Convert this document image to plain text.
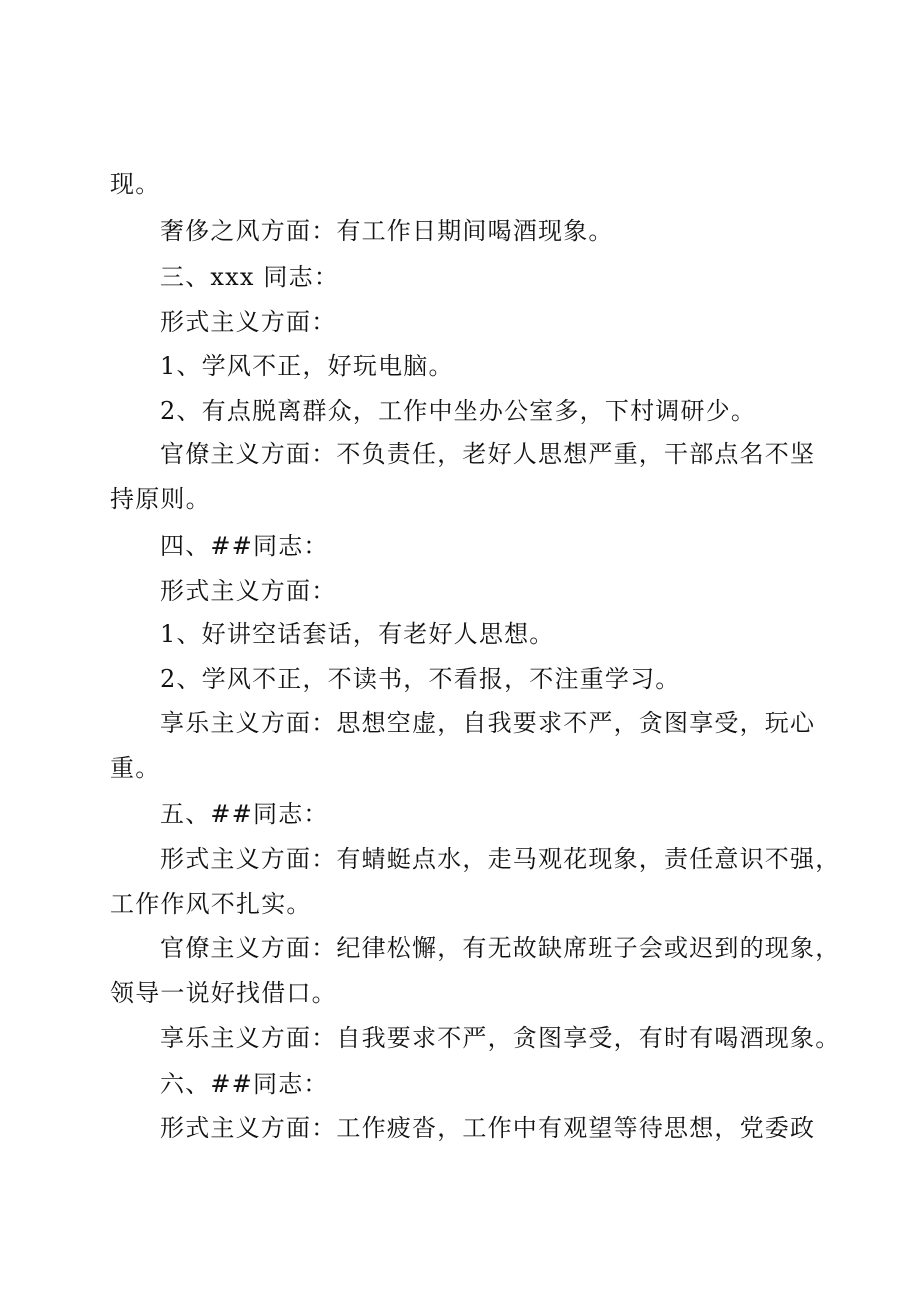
现。
奢侈之风方面：有工作日期间喝酒现象。
三、xxx 同志：
形式主义方面：
1、学风不正，好玩电脑。
2、有点脱离群众，工作中坐办公室多，下村调研少。
官僚主义方面：不负责任，老好人思想严重，干部点名不坚
持原则。
四、##同志：
形式主义方面：
1、好讲空话套话，有老好人思想。
2、学风不正，不读书，不看报，不注重学习。
享乐主义方面：思想空虚，自我要求不严，贪图享受，玩心
重。
五、##同志：
形式主义方面：有蜻蜓点水，走马观花现象，责任意识不强，
工作作风不扎实。
官僚主义方面：纪律松懈，有无故缺席班子会或迟到的现象，
领导一说好找借口。
享乐主义方面：自我要求不严，贪图享受，有时有喝酒现象。
六、##同志：
形式主义方面：工作疲沓，工作中有观望等待思想，党委政
